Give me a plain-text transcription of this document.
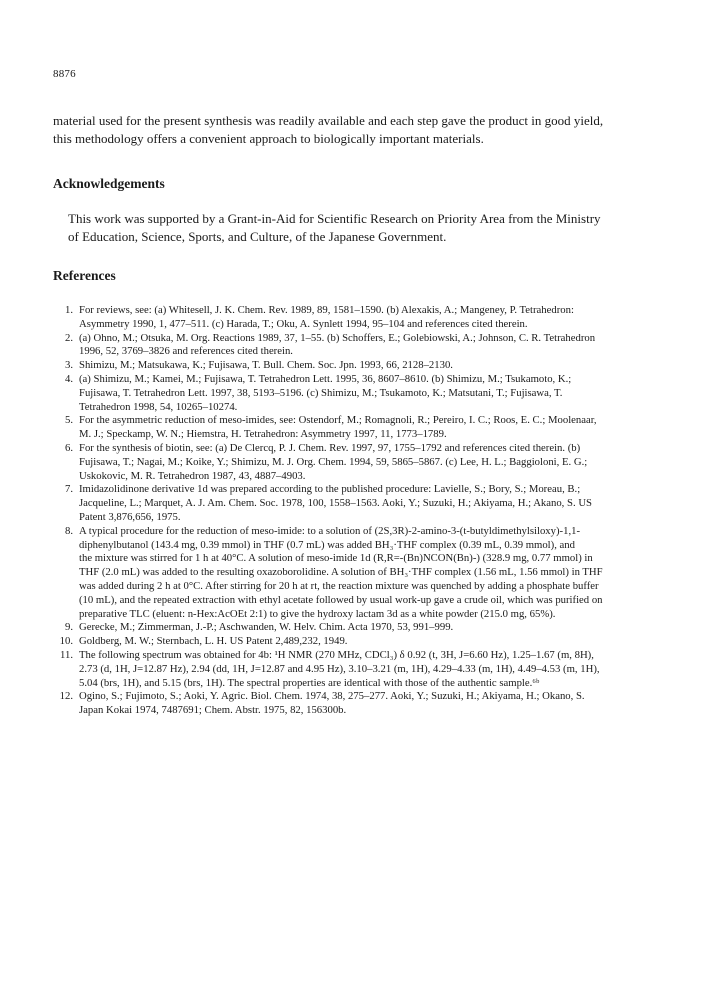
8876

material used for the present synthesis was readily available and each step gave the product in good yield,
this methodology offers a convenient approach to biologically important materials.

Acknowledgements

This work was supported by a Grant-in-Aid for Scientific Research on Priority Area from the Ministry
of Education, Science, Sports, and Culture, of the Japanese Government.

References
1. For reviews, see: (a) Whitesell, J. K. Chem. Rev. 1989, 89, 1581–1590. (b) Alexakis, A.; Mangeney, P. Tetrahedron:
Asymmetry 1990, 1, 477–511. (c) Harada, T.; Oku, A. Synlett 1994, 95–104 and references cited therein.
2. (a) Ohno, M.; Otsuka, M. Org. Reactions 1989, 37, 1–55. (b) Schoffers, E.; Golebiowski, A.; Johnson, C. R. Tetrahedron
1996, 52, 3769–3826 and references cited therein.
3. Shimizu, M.; Matsukawa, K.; Fujisawa, T. Bull. Chem. Soc. Jpn. 1993, 66, 2128–2130.
4. (a) Shimizu, M.; Kamei, M.; Fujisawa, T. Tetrahedron Lett. 1995, 36, 8607–8610. (b) Shimizu, M.; Tsukamoto, K.;
Fujisawa, T. Tetrahedron Lett. 1997, 38, 5193–5196. (c) Shimizu, M.; Tsukamoto, K.; Matsutani, T.; Fujisawa, T.
Tetrahedron 1998, 54, 10265–10274.
5. For the asymmetric reduction of meso-imides, see: Ostendorf, M.; Romagnoli, R.; Pereiro, I. C.; Roos, E. C.; Moolenaar,
M. J.; Speckamp, W. N.; Hiemstra, H. Tetrahedron: Asymmetry 1997, 11, 1773–1789.
6. For the synthesis of biotin, see: (a) De Clercq, P. J. Chem. Rev. 1997, 97, 1755–1792 and references cited therein. (b)
Fujisawa, T.; Nagai, M.; Koike, Y.; Shimizu, M. J. Org. Chem. 1994, 59, 5865–5867. (c) Lee, H. L.; Baggioloni, E. G.;
Uskokovic, M. R. Tetrahedron 1987, 43, 4887–4903.
7. Imidazolidinone derivative 1d was prepared according to the published procedure: Lavielle, S.; Bory, S.; Moreau, B.;
Jacqueline, L.; Marquet, A. J. Am. Chem. Soc. 1978, 100, 1558–1563. Aoki, Y.; Suzuki, H.; Akiyama, H.; Akano, S. US
Patent 3,876,656, 1975.
8. A typical procedure for the reduction of meso-imide: to a solution of (2S,3R)-2-amino-3-(t-butyldimethylsiloxy)-1,1-
diphenylbutanol (143.4 mg, 0.39 mmol) in THF (0.7 mL) was added BH₃·THF complex (0.39 mL, 0.39 mmol), and
the mixture was stirred for 1 h at 40°C. A solution of meso-imide 1d (R,R=-(Bn)NCON(Bn)-) (328.9 mg, 0.77 mmol) in
THF (2.0 mL) was added to the resulting oxazoborolidine. A solution of BH₃·THF complex (1.56 mL, 1.56 mmol) in THF
was added during 2 h at 0°C. After stirring for 20 h at rt, the reaction mixture was quenched by adding a phosphate buffer
(10 mL), and the repeated extraction with ethyl acetate followed by usual work-up gave a crude oil, which was purified on
preparative TLC (eluent: n-Hex:AcOEt 2:1) to give the hydroxy lactam 3d as a white powder (215.0 mg, 65%).
9. Gerecke, M.; Zimmerman, J.-P.; Aschwanden, W. Helv. Chim. Acta 1970, 53, 991–999.
10. Goldberg, M. W.; Sternbach, L. H. US Patent 2,489,232, 1949.
11. The following spectrum was obtained for 4b: ¹H NMR (270 MHz, CDCl₃) δ 0.92 (t, 3H, J=6.60 Hz), 1.25–1.67 (m, 8H),
2.73 (d, 1H, J=12.87 Hz), 2.94 (dd, 1H, J=12.87 and 4.95 Hz), 3.10–3.21 (m, 1H), 4.29–4.33 (m, 1H), 4.49–4.53 (m, 1H),
5.04 (brs, 1H), and 5.15 (brs, 1H). The spectral properties are identical with those of the authentic sample.⁶ᵇ
12. Ogino, S.; Fujimoto, S.; Aoki, Y. Agric. Biol. Chem. 1974, 38, 275–277. Aoki, Y.; Suzuki, H.; Akiyama, H.; Okano, S.
Japan Kokai 1974, 7487691; Chem. Abstr. 1975, 82, 156300b.
